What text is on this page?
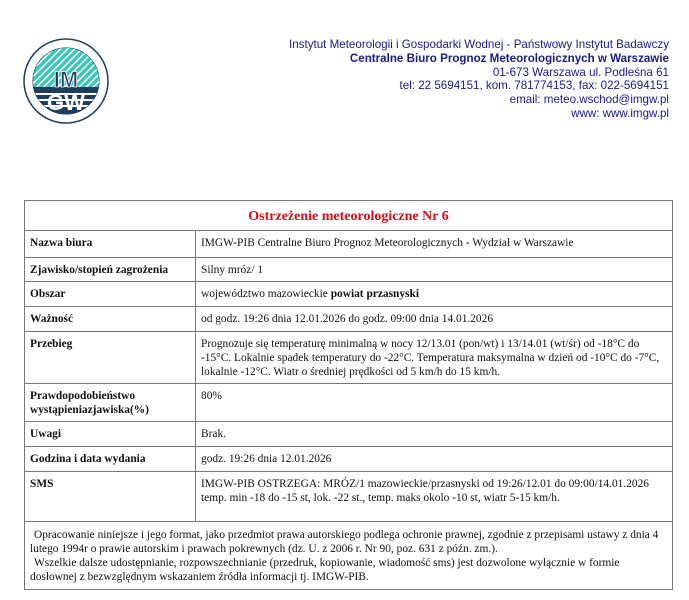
IM
GW
Instytut Meteorologii i Gospodarki Wodnej - Państwowy Instytut Badawczy
Centralne Biuro Prognoz Meteorologicznych w Warszawie
01-673 Warszawa ul. Podleśna 61
tel: 22 5694151, kom. 781774153, fax: 022-5694151
email: meteo.wschod@imgw.pl
www: www.imgw.pl
Ostrzeżenie meteorologiczne Nr 6	
Nazwa biura	IMGW-PIB Centralne Biuro Prognoz Meteorologicznych - Wydział w Warszawie
Zjawisko/stopień zagrożenia	Silny mróz/ 1
Obszar	województwo mazowieckie powiat przasnyski
Ważność	od godz. 19:26 dnia 12.01.2026 do godz. 09:00 dnia 14.01.2026
Przebieg	Prognozuje się temperaturę minimalną w nocy 12/13.01 (pon/wt) i 13/14.01 (wt/śr) od -18°C do -15°C. Lokalnie spadek temperatury do -22°C. Temperatura maksymalna w dzień od -10°C do -7°C, lokalnie -12°C. Wiatr o średniej prędkości od 5 km/h do 15 km/h.
Prawdopodobieństwo wystąpieniazjawiska(%)	80%
Uwagi	Brak.
Godzina i data wydania	godz. 19:26 dnia 12.01.2026
SMS	IMGW-PIB OSTRZEGA: MRÓZ/1 mazowieckie/przasnyski od 19:26/12.01 do 09:00/14.01.2026 temp. min -18 do -15 st, lok. -22 st., temp. maks okolo -10 st, wiatr 5-15 km/h.

Opracowanie niniejsze i jego format, jako przedmiot prawa autorskiego podlega ochronie prawnej, zgodnie z przepisami ustawy z dnia 4 lutego 1994r o prawie autorskim i prawach pokrewnych (dz. U. z 2006 r. Nr 90, poz. 631 z późn. zm.).
Wszelkie dalsze udostępnianie, rozpowszechnianie (przedruk, kopiowanie, wiadomość sms) jest dozwolone wyłącznie w formie dosłownej z bezwzględnym wskazaniem źródła informacji tj. IMGW-PIB.	
